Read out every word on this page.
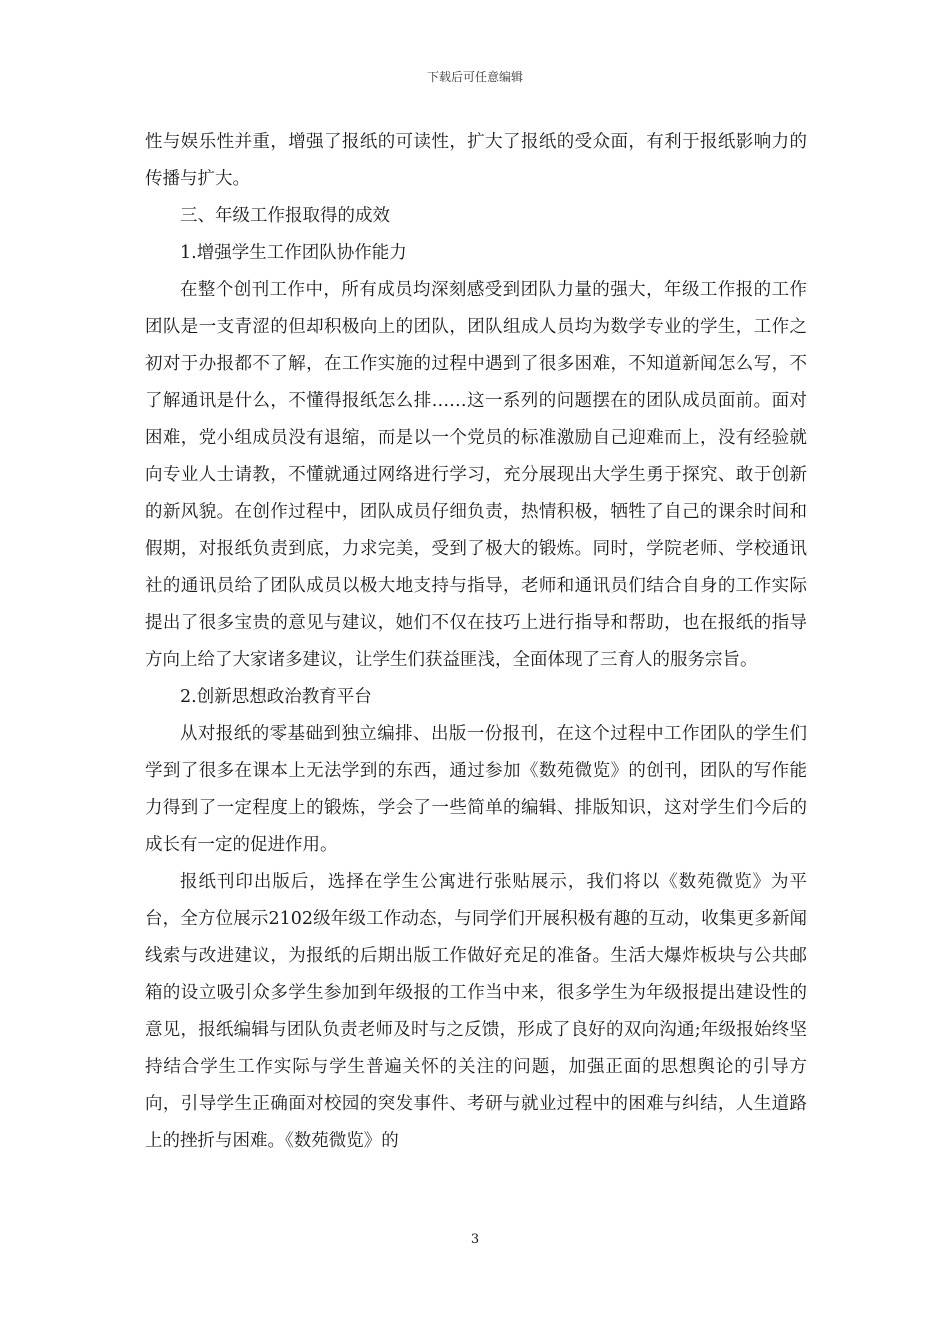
下载后可任意编辑

性与娱乐性并重，增强了报纸的可读性，扩大了报纸的受众面，有利于报纸影响力的传播与扩大。

三、年级工作报取得的成效

1.增强学生工作团队协作能力

在整个创刊工作中，所有成员均深刻感受到团队力量的强大，年级工作报的工作团队是一支青涩的但却积极向上的团队，团队组成人员均为数学专业的学生，工作之初对于办报都不了解，在工作实施的过程中遇到了很多困难，不知道新闻怎么写，不了解通讯是什么，不懂得报纸怎么排……这一系列的问题摆在的团队成员面前。面对困难，党小组成员没有退缩，而是以一个党员的标准激励自己迎难而上，没有经验就向专业人士请教，不懂就通过网络进行学习，充分展现出大学生勇于探究、敢于创新的新风貌。在创作过程中，团队成员仔细负责，热情积极，牺牲了自己的课余时间和假期，对报纸负责到底，力求完美，受到了极大的锻炼。同时，学院老师、学校通讯社的通讯员给了团队成员以极大地支持与指导，老师和通讯员们结合自身的工作实际提出了很多宝贵的意见与建议，她们不仅在技巧上进行指导和帮助，也在报纸的指导方向上给了大家诸多建议，让学生们获益匪浅，全面体现了三育人的服务宗旨。

2.创新思想政治教育平台

从对报纸的零基础到独立编排、出版一份报刊，在这个过程中工作团队的学生们学到了很多在课本上无法学到的东西，通过参加《数苑微览》的创刊，团队的写作能力得到了一定程度上的锻炼，学会了一些简单的编辑、排版知识，这对学生们今后的成长有一定的促进作用。

报纸刊印出版后，选择在学生公寓进行张贴展示，我们将以《数苑微览》为平台，全方位展示2102级年级工作动态，与同学们开展积极有趣的互动，收集更多新闻线索与改进建议，为报纸的后期出版工作做好充足的准备。生活大爆炸板块与公共邮箱的设立吸引众多学生参加到年级报的工作当中来，很多学生为年级报提出建设性的意见，报纸编辑与团队负责老师及时与之反馈，形成了良好的双向沟通;年级报始终坚持结合学生工作实际与学生普遍关怀的关注的问题，加强正面的思想舆论的引导方向，引导学生正确面对校园的突发事件、考研与就业过程中的困难与纠结，人生道路上的挫折与困难。《数苑微览》的

3
